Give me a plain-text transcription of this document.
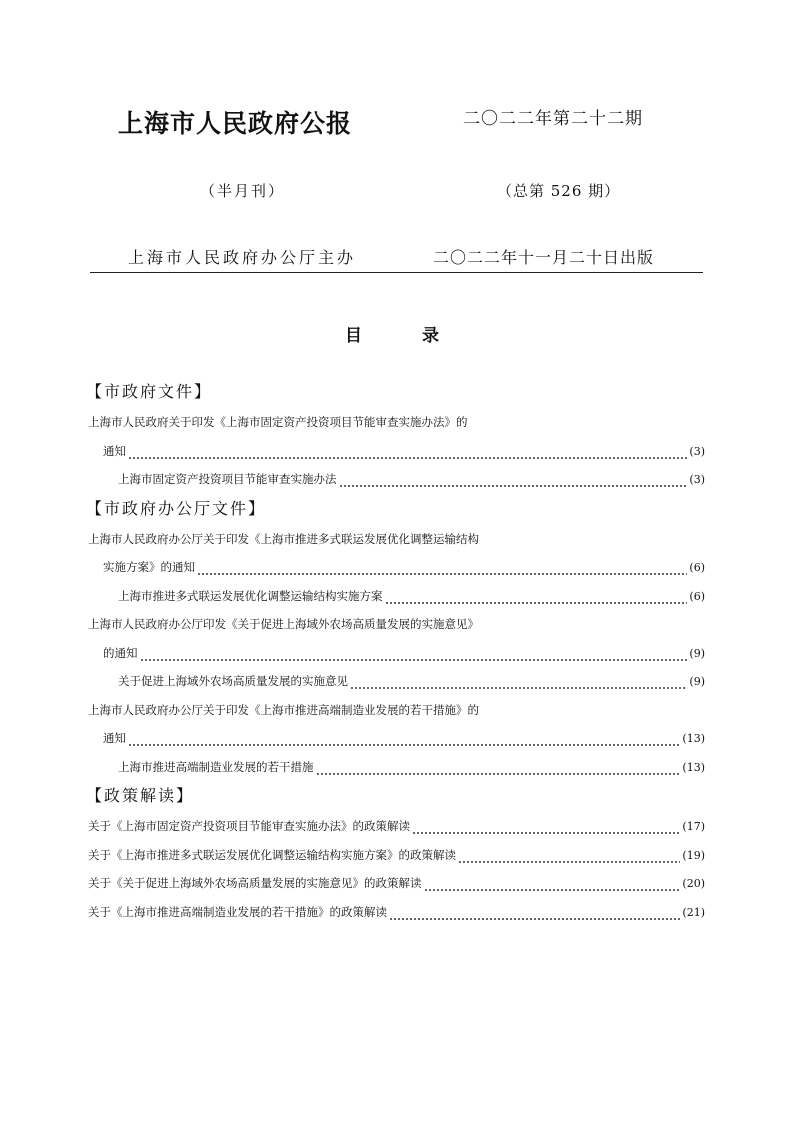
上海市人民政府公报	二〇二二年第二十二期
（半月刊）	（总第 526 期）
上海市人民政府办公厅主办	二〇二二年十一月二十日出版
目录
【市政府文件】
上海市人民政府关于印发《上海市固定资产投资项目节能审查实施办法》的
通知	(3)
上海市固定资产投资项目节能审查实施办法	(3)
【市政府办公厅文件】
上海市人民政府办公厅关于印发《上海市推进多式联运发展优化调整运输结构
实施方案》的通知	(6)
上海市推进多式联运发展优化调整运输结构实施方案	(6)
上海市人民政府办公厅印发《关于促进上海域外农场高质量发展的实施意见》
的通知	(9)
关于促进上海域外农场高质量发展的实施意见	(9)
上海市人民政府办公厅关于印发《上海市推进高端制造业发展的若干措施》的
通知	(13)
上海市推进高端制造业发展的若干措施	(13)
【政策解读】
关于《上海市固定资产投资项目节能审查实施办法》的政策解读	(17)
关于《上海市推进多式联运发展优化调整运输结构实施方案》的政策解读	(19)
关于《关于促进上海域外农场高质量发展的实施意见》的政策解读	(20)
关于《上海市推进高端制造业发展的若干措施》的政策解读	(21)
